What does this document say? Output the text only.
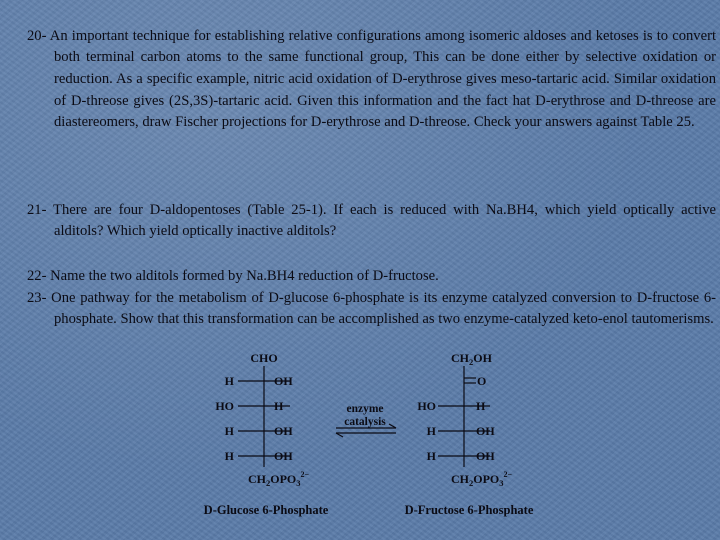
20- An important technique for establishing relative configurations among isomeric aldoses and ketoses is to convert both terminal carbon atoms to the same functional group, This can be done either by selective oxidation or reduction. As a specific example, nitric acid oxidation of D-erythrose gives meso-tartaric acid. Similar oxidation of D-threose gives (2S,3S)-tartaric acid. Given this information and the fact hat D-erythrose and D-threose are diastereomers, draw Fischer projections for D-erythrose and D-threose. Check your answers against Table 25.

21- There are four D-aldopentoses (Table 25-1). If each is reduced with Na.BH4, which yield optically active alditols? Which yield optically inactive alditols?

22- Name the two alditols formed by Na.BH4 reduction of D-fructose.

23- One pathway for the metabolism of D-glucose 6-phosphate is its enzyme catalyzed conversion to D-fructose 6-phosphate. Show that this transformation can be accomplished as two enzyme-catalyzed keto-enol tautomerisms.

CHO
H	OH
HO	H
H	OH
H	OH
$CH_2OPO_3^{2-}$
D-Glucose 6-Phosphate
enzyme
catalysis
$CH_2OH$
O
HO	H
H	OH
H	OH
$CH_2OPO_3^{2-}$
D-Fructose 6-Phosphate
